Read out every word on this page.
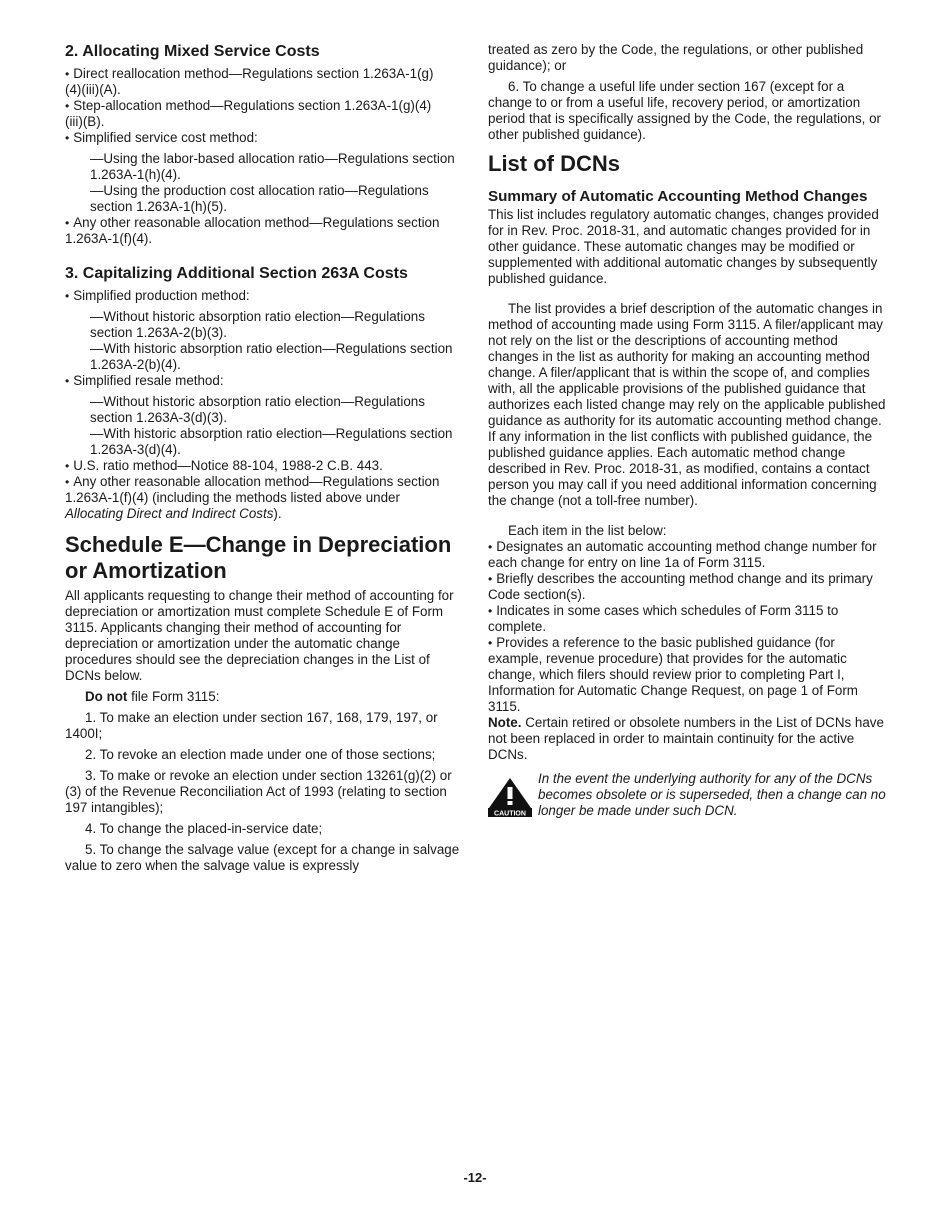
2. Allocating Mixed Service Costs

• Direct reallocation method—Regulations section 1.263A-1(g)

(4)(iii)(A).

• Step-allocation method—Regulations section 1.263A-1(g)(4)

(iii)(B).

• Simplified service cost method:

—Using the labor-based allocation ratio—Regulations section 1.263A-1(h)(4).

—Using the production cost allocation ratio—Regulations section 1.263A-1(h)(5).

• Any other reasonable allocation method—Regulations section

1.263A-1(f)(4).

3. Capitalizing Additional Section 263A Costs

• Simplified production method:

—Without historic absorption ratio election—Regulations section 1.263A-2(b)(3).

—With historic absorption ratio election—Regulations section 1.263A-2(b)(4).

• Simplified resale method:

—Without historic absorption ratio election—Regulations section 1.263A-3(d)(3).

—With historic absorption ratio election—Regulations section 1.263A-3(d)(4).

• U.S. ratio method—Notice 88-104, 1988-2 C.B. 443.

• Any other reasonable allocation method—Regulations section

1.263A-1(f)(4) (including the methods listed above under
Allocating Direct and Indirect Costs).

Schedule E—Change in Depreciation or Amortization

All applicants requesting to change their method of accounting for depreciation or amortization must complete Schedule E of Form 3115. Applicants changing their method of accounting for depreciation or amortization under the automatic change procedures should see the depreciation changes in the List of DCNs below.

Do not file Form 3115:

1. To make an election under section 167, 168, 179, 197, or 1400I;

2. To revoke an election made under one of those sections;

3. To make or revoke an election under section 13261(g)(2) or (3) of the Revenue Reconciliation Act of 1993 (relating to section 197 intangibles);

4. To change the placed-in-service date;

5. To change the salvage value (except for a change in salvage value to zero when the salvage value is expressly

treated as zero by the Code, the regulations, or other published guidance); or

6. To change a useful life under section 167 (except for a change to or from a useful life, recovery period, or amortization period that is specifically assigned by the Code, the regulations, or other published guidance).

List of DCNs
Summary of Automatic Accounting Method Changes

This list includes regulatory automatic changes, changes provided for in Rev. Proc. 2018-31, and automatic changes provided for in other guidance. These automatic changes may be modified or supplemented with additional automatic changes by subsequently published guidance.

The list provides a brief description of the automatic changes in method of accounting made using Form 3115. A filer/applicant may not rely on the list or the descriptions of accounting method changes in the list as authority for making an accounting method change. A filer/applicant that is within the scope of, and complies with, all the applicable provisions of the published guidance that authorizes each listed change may rely on the applicable published guidance as authority for its automatic accounting method change. If any information in the list conflicts with published guidance, the published guidance applies. Each automatic method change described in Rev. Proc. 2018-31, as modified, contains a contact person you may call if you need additional information concerning the change (not a toll-free number).

Each item in the list below:

• Designates an automatic accounting method change number for each change for entry on line 1a of Form 3115.

• Briefly describes the accounting method change and its primary Code section(s).

• Indicates in some cases which schedules of Form 3115 to complete.

• Provides a reference to the basic published guidance (for example, revenue procedure) that provides for the automatic change, which filers should review prior to completing Part I, Information for Automatic Change Request, on page 1 of Form 3115.

Note. Certain retired or obsolete numbers in the List of DCNs have not been replaced in order to maintain continuity for the active DCNs.

CAUTION

In the event the underlying authority for any of the DCNs becomes obsolete or is superseded, then a change can no longer be made under such DCN.

-12-
